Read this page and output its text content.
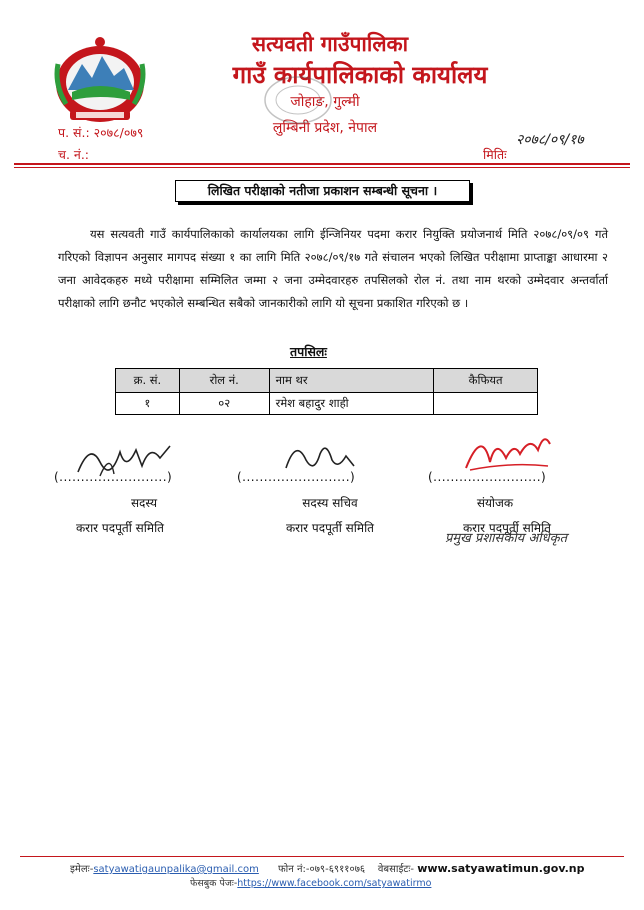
सत्यवती गाउँपालिका
गाउँ कार्यपालिकाको कार्यालय
जोहाङ, गुल्मी
लुम्बिनी प्रदेश, नेपाल
प. सं.: २०७८/०७९
च. नं.:	मितिः
२०७८/०९/१७
लिखित परीक्षाको नतीजा प्रकाशन सम्बन्धी सूचना ।
यस सत्यवती गाउँ कार्यपालिकाको कार्यालयका लागि ईन्जिनियर पदमा करार नियुक्ति प्रयोजनार्थ मिति २०७८/०९/०९ गते गरिएको विज्ञापन अनुसार मागपद संख्या १ का लागि मिति २०७८/०९/१७ गते संचालन भएको लिखित परीक्षामा प्राप्ताङ्का आधारमा २ जना आवेदकहरु मध्ये परीक्षामा सम्मिलित जम्मा २ जना उम्मेदवारहरु तपसिलको रोल नं. तथा नाम थरको उम्मेदवार अन्तर्वार्ता परीक्षाको लागि छनौट भएकोले सम्बन्धित सबैको जानकारीको लागि यो सूचना प्रकाशित गरिएको छ ।
तपसिलः
क्र. सं.	रोल नं.	नाम थर	कैफियत
१	०२	रमेश बहादुर शाही	
(.........................)	(.........................)	(.........................)
सदस्य
करार पदपूर्ती समिति
सदस्य सचिव
करार पदपूर्ती समिति
संयोजक
करार पदपूर्ती समिति
प्रमुख प्रशासकीय अधिकृत
इमेलः-satyawatigaunpalika@gmail.com फोन नं:-०७९-६९११०७६ वेबसाईटः- www.satyawatimun.gov.np
फेसबुक पेजः-https://www.facebook.com/satyawatirmo
